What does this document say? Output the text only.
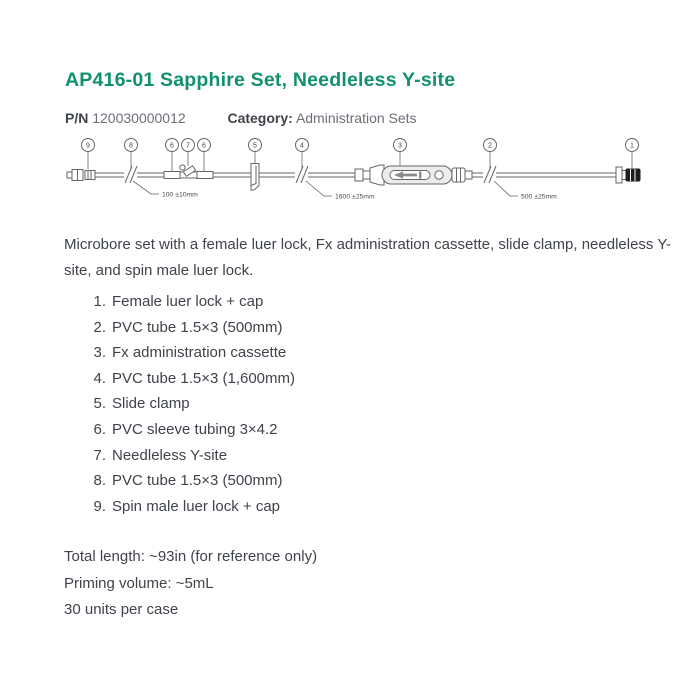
AP416-01 Sapphire Set, Needleless Y-site

P/N 120030000012	Category: Administration Sets

9	8	6 7 6	5	4	3	2	1
100 ±10mm	1600 ±25mm	500 ±25mm

Microbore set with a female luer lock, Fx administration cassette, slide clamp, needleless Y-site, and spin male luer lock.

1. Female luer lock + cap
2. PVC tube 1.5×3 (500mm)
3. Fx administration cassette
4. PVC tube 1.5×3 (1,600mm)
5. Slide clamp
6. PVC sleeve tubing 3×4.2
7. Needleless Y-site
8. PVC tube 1.5×3 (500mm)
9. Spin male luer lock + cap
Total length: ~93in (for reference only)
Priming volume: ~5mL
30 units per case
